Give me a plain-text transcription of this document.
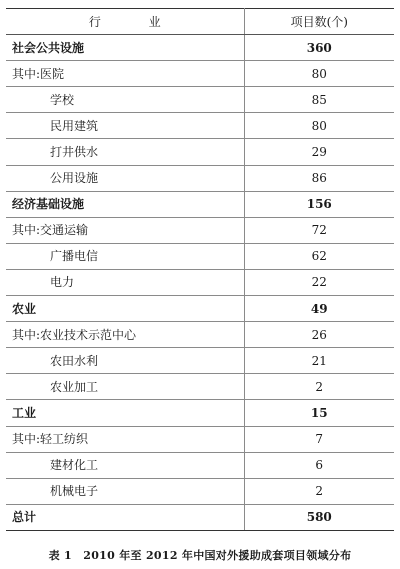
行 业	项目数(个)
社会公共设施	360
其中:医院	80
学校	85
民用建筑	80
打井供水	29
公用设施	86
经济基础设施	156
其中:交通运输	72
广播电信	62
电力	22
农业	49
其中:农业技术示范中心	26
农田水利	21
农业加工	2
工业	15
其中:轻工纺织	7
建材化工	6
机械电子	2
总计	580
表 1　2010 年至 2012 年中国对外援助成套项目领域分布
